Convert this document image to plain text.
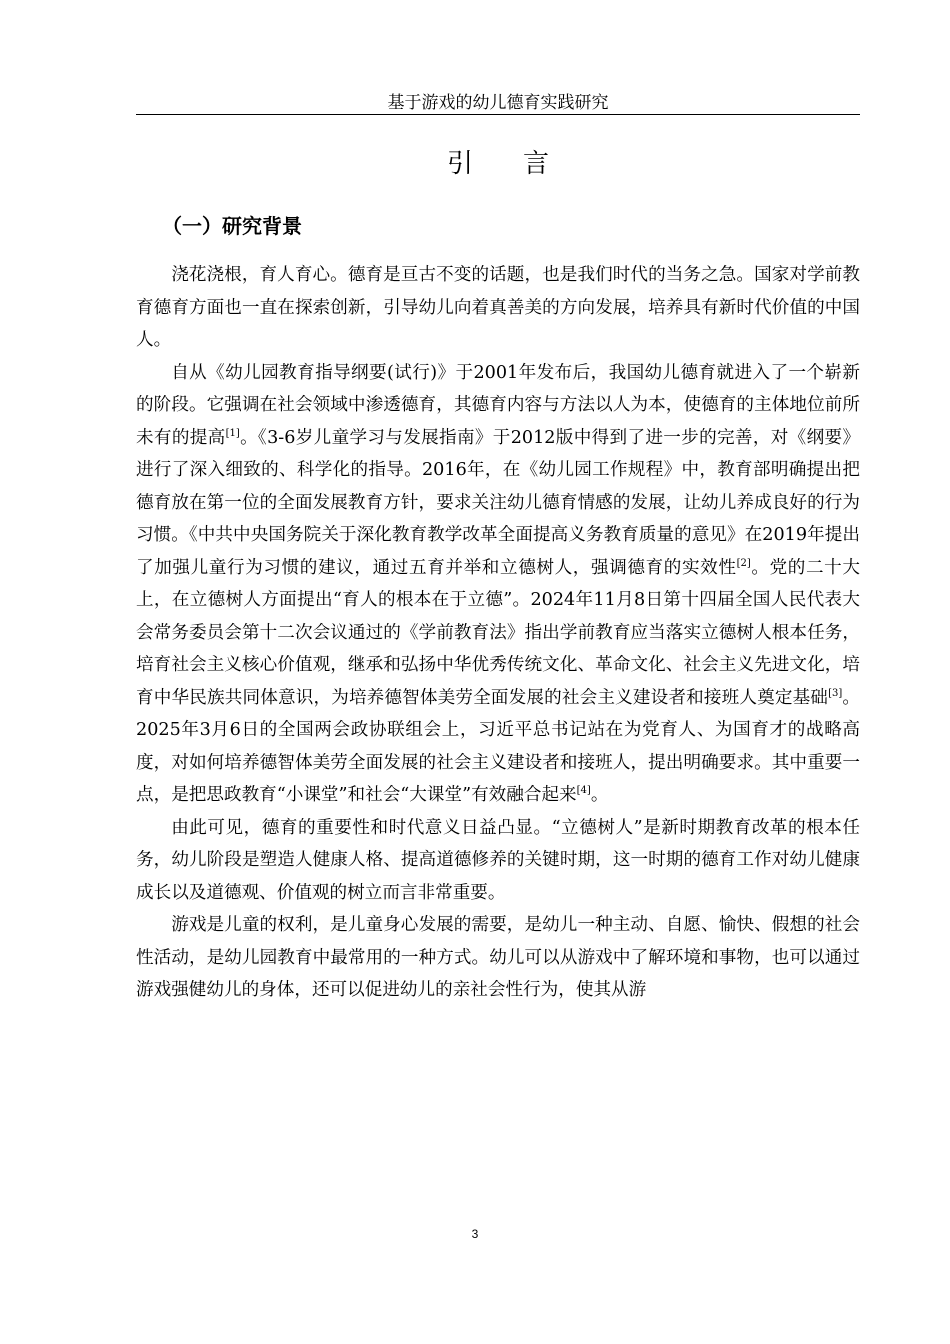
基于游戏的幼儿德育实践研究
引言
（一）研究背景

浇花浇根，育人育心。德育是亘古不变的话题，也是我们时代的当务之急。国家对学前教育德育方面也一直在探索创新，引导幼儿向着真善美的方向发展，培养具有新时代价值的中国人。

自从《幼儿园教育指导纲要(试行)》于2001年发布后，我国幼儿德育就进入了一个崭新的阶段。它强调在社会领域中渗透德育，其德育内容与方法以人为本，使德育的主体地位前所未有的提高[1]。《3-6岁儿童学习与发展指南》于2012版中得到了进一步的完善，对《纲要》进行了深入细致的、科学化的指导。2016年，在《幼儿园工作规程》中，教育部明确提出把德育放在第一位的全面发展教育方针，要求关注幼儿德育情感的发展，让幼儿养成良好的行为习惯。《中共中央国务院关于深化教育教学改革全面提高义务教育质量的意见》在2019年提出了加强儿童行为习惯的建议，通过五育并举和立德树人，强调德育的实效性[2]。党的二十大上，在立德树人方面提出“育人的根本在于立德”。2024年11月8日第十四届全国人民代表大会常务委员会第十二次会议通过的《学前教育法》指出学前教育应当落实立德树人根本任务，培育社会主义核心价值观，继承和弘扬中华优秀传统文化、革命文化、社会主义先进文化，培育中华民族共同体意识，为培养德智体美劳全面发展的社会主义建设者和接班人奠定基础[3]。2025年3月6日的全国两会政协联组会上，习近平总书记站在为党育人、为国育才的战略高度，对如何培养德智体美劳全面发展的社会主义建设者和接班人，提出明确要求。其中重要一点，是把思政教育“小课堂”和社会“大课堂”有效融合起来[4]。

由此可见，德育的重要性和时代意义日益凸显。“立德树人”是新时期教育改革的根本任务，幼儿阶段是塑造人健康人格、提高道德修养的关键时期，这一时期的德育工作对幼儿健康成长以及道德观、价值观的树立而言非常重要。

游戏是儿童的权利，是儿童身心发展的需要，是幼儿一种主动、自愿、愉快、假想的社会性活动，是幼儿园教育中最常用的一种方式。幼儿可以从游戏中了解环境和事物，也可以通过游戏强健幼儿的身体，还可以促进幼儿的亲社会性行为，使其从游

3
